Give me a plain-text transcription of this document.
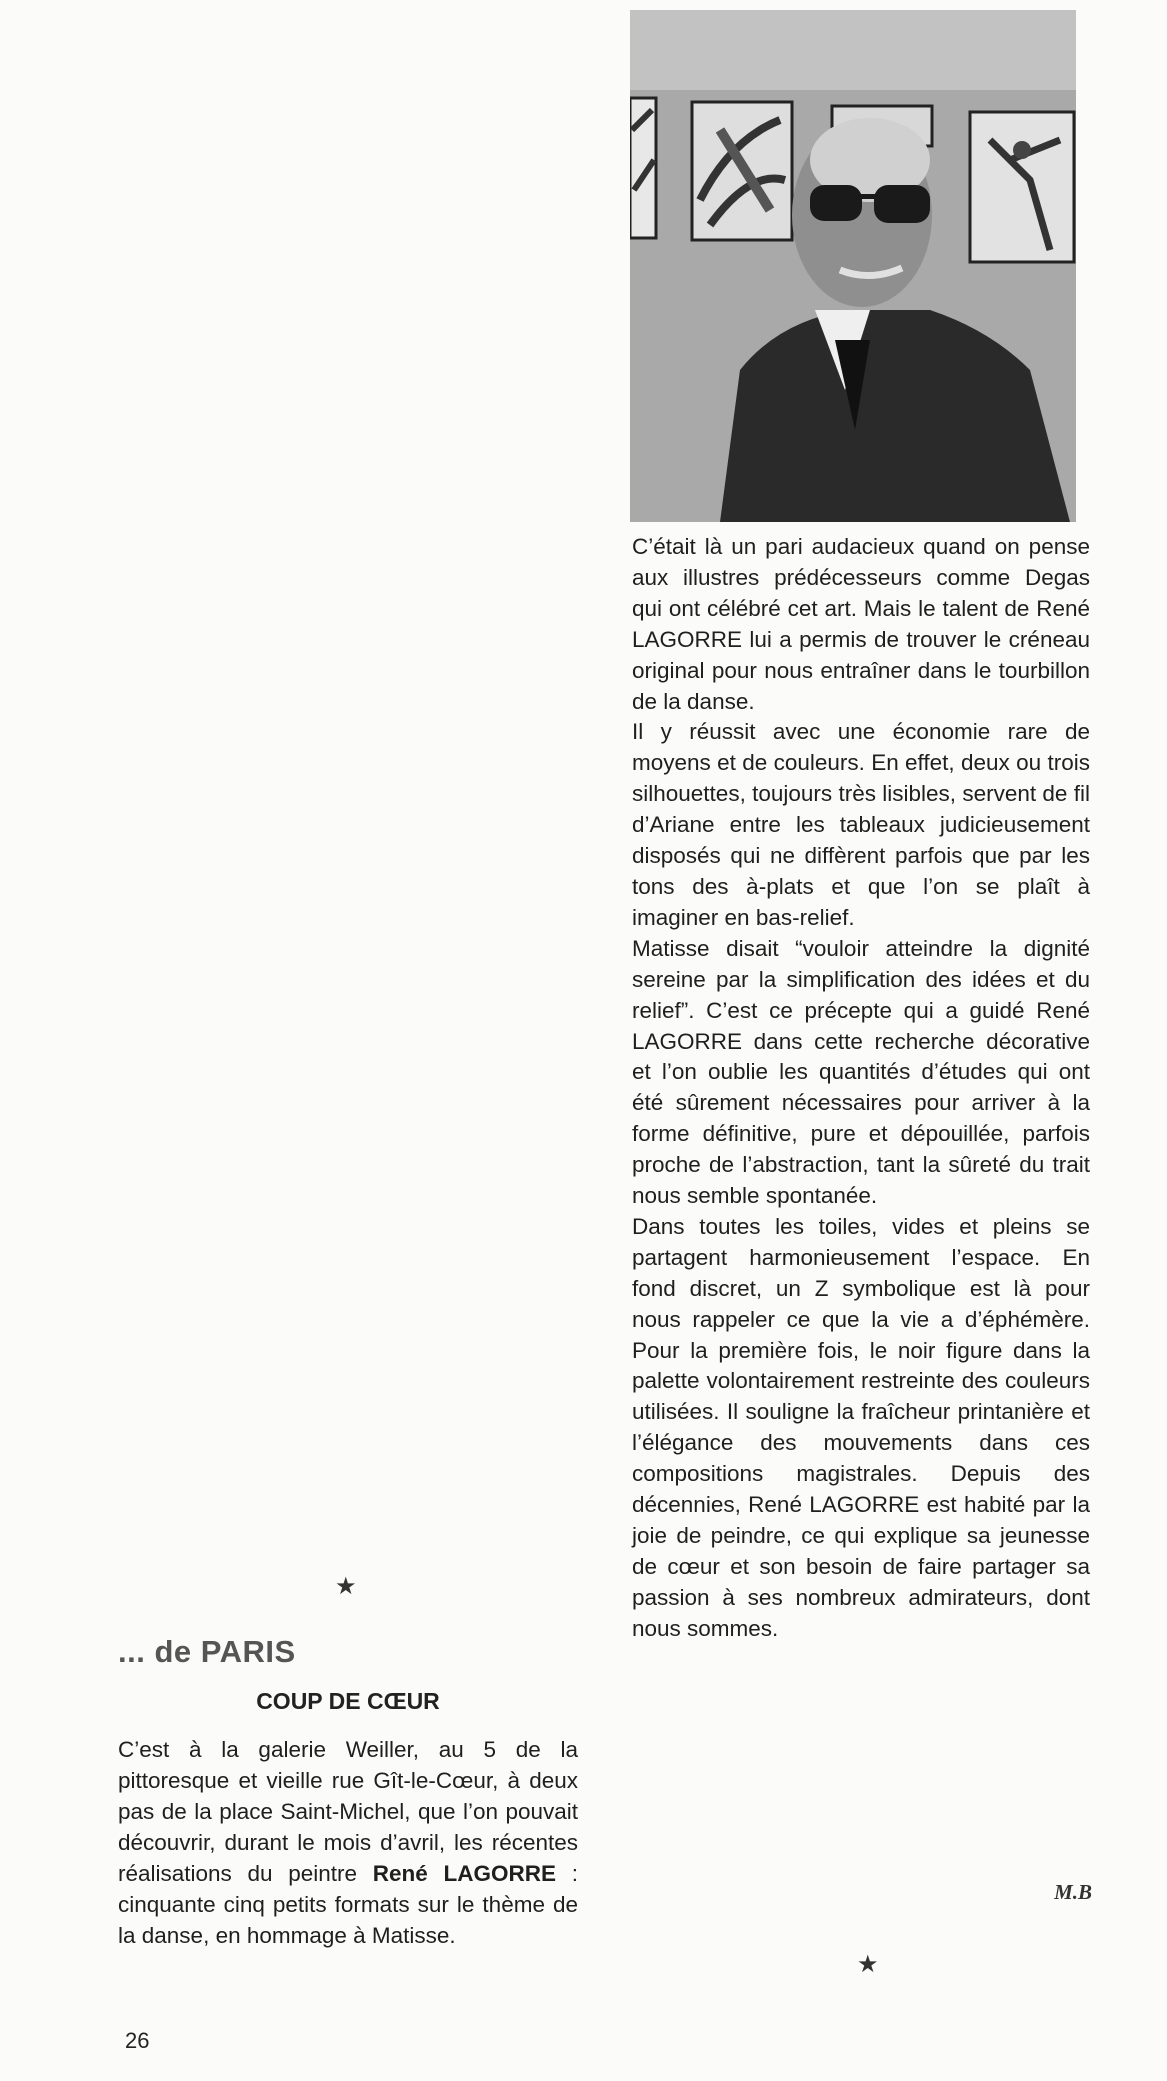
C’était là un pari audacieux quand on pense aux illustres prédécesseurs comme Degas qui ont célébré cet art. Mais le talent de René LAGORRE lui a permis de trouver le créneau original pour nous entraîner dans le tourbillon de la danse.

Il y réussit avec une économie rare de moyens et de couleurs. En effet, deux ou trois silhouettes, toujours très lisibles, servent de fil d’Ariane entre les tableaux judicieusement disposés qui ne diffèrent parfois que par les tons des à-plats et que l’on se plaît à imaginer en bas-relief.

Matisse disait “vouloir atteindre la dignité sereine par la simplification des idées et du relief”. C’est ce précepte qui a guidé René LAGORRE dans cette recherche décorative et l’on oublie les quantités d’études qui ont été sûrement nécessaires pour arriver à la forme définitive, pure et dépouillée, parfois proche de l’abstraction, tant la sûreté du trait nous semble spontanée.

Dans toutes les toiles, vides et pleins se partagent harmonieusement l’espace. En fond discret, un Z symbolique est là pour nous rappeler ce que la vie a d’éphémère. Pour la première fois, le noir figure dans la palette volontairement restreinte des couleurs utilisées. Il souligne la fraîcheur printanière et l’élégance des mouvements dans ces compositions magistrales. Depuis des décennies, René LAGORRE est habité par la joie de peindre, ce qui explique sa jeunesse de cœur et son besoin de faire partager sa passion à ses nombreux admirateurs, dont nous sommes.

M.B
★
★
... de PARIS
COUP DE CŒUR

C’est à la galerie Weiller, au 5 de la pittoresque et vieille rue Gît-le-Cœur, à deux pas de la place Saint-Michel, que l’on pouvait découvrir, durant le mois d’avril, les récentes réalisations du peintre René LAGORRE : cinquante cinq petits formats sur le thème de la danse, en hommage à Matisse.

26
